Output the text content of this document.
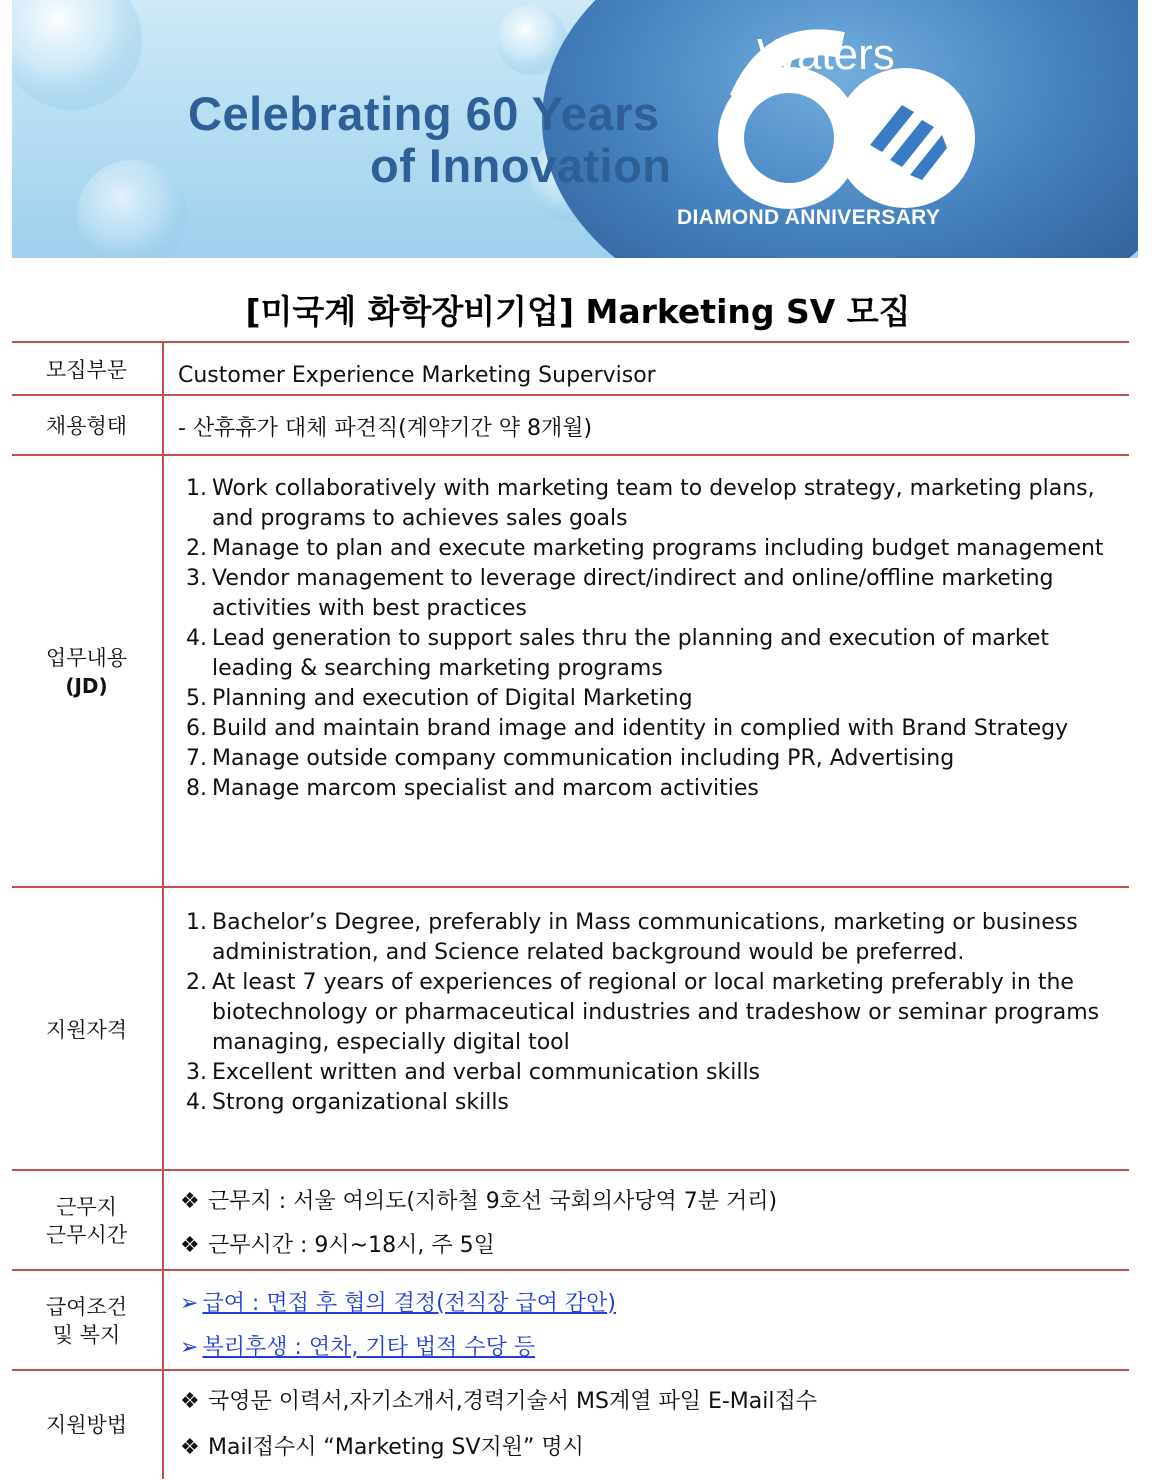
Celebrating 60 Years
of Innovation
Waters
DIAMOND ANNIVERSARY
[미국계 화학장비기업] Marketing SV 모집
모집부문	Customer Experience Marketing Supervisor
채용형태	- 산휴휴가 대체 파견직(계약기간 약 8개월)
업무내용
(JD)
1. Work collaboratively with marketing team to develop strategy, marketing plans, and programs to achieves sales goals
2. Manage to plan and execute marketing programs including budget management
3. Vendor management to leverage direct/indirect and online/offline marketing activities with best practices
4. Lead generation to support sales thru the planning and execution of market leading & searching marketing programs
5. Planning and execution of Digital Marketing
6. Build and maintain brand image and identity in complied with Brand Strategy
7. Manage outside company communication including PR, Advertising
8. Manage marcom specialist and marcom activities
지원자격
1. Bachelor’s Degree, preferably in Mass communications, marketing or business administration, and Science related background would be preferred.
2. At least 7 years of experiences of regional or local marketing preferably in the biotechnology or pharmaceutical industries and tradeshow or seminar programs managing, especially digital tool
3. Excellent written and verbal communication skills
4. Strong organizational skills
근무지
근무시간
❖ 근무지 : 서울 여의도(지하철 9호선 국회의사당역 7분 거리)
❖ 근무시간 : 9시~18시, 주 5일
급여조건
및 복지
➢ 급여 : 면접 후 협의 결정(전직장 급여 감안)
➢ 복리후생 : 연차, 기타 법적 수당 등
지원방법
❖ 국영문 이력서,자기소개서,경력기술서 MS계열 파일 E-Mail접수
❖ Mail접수시 “Marketing SV지원” 명시
